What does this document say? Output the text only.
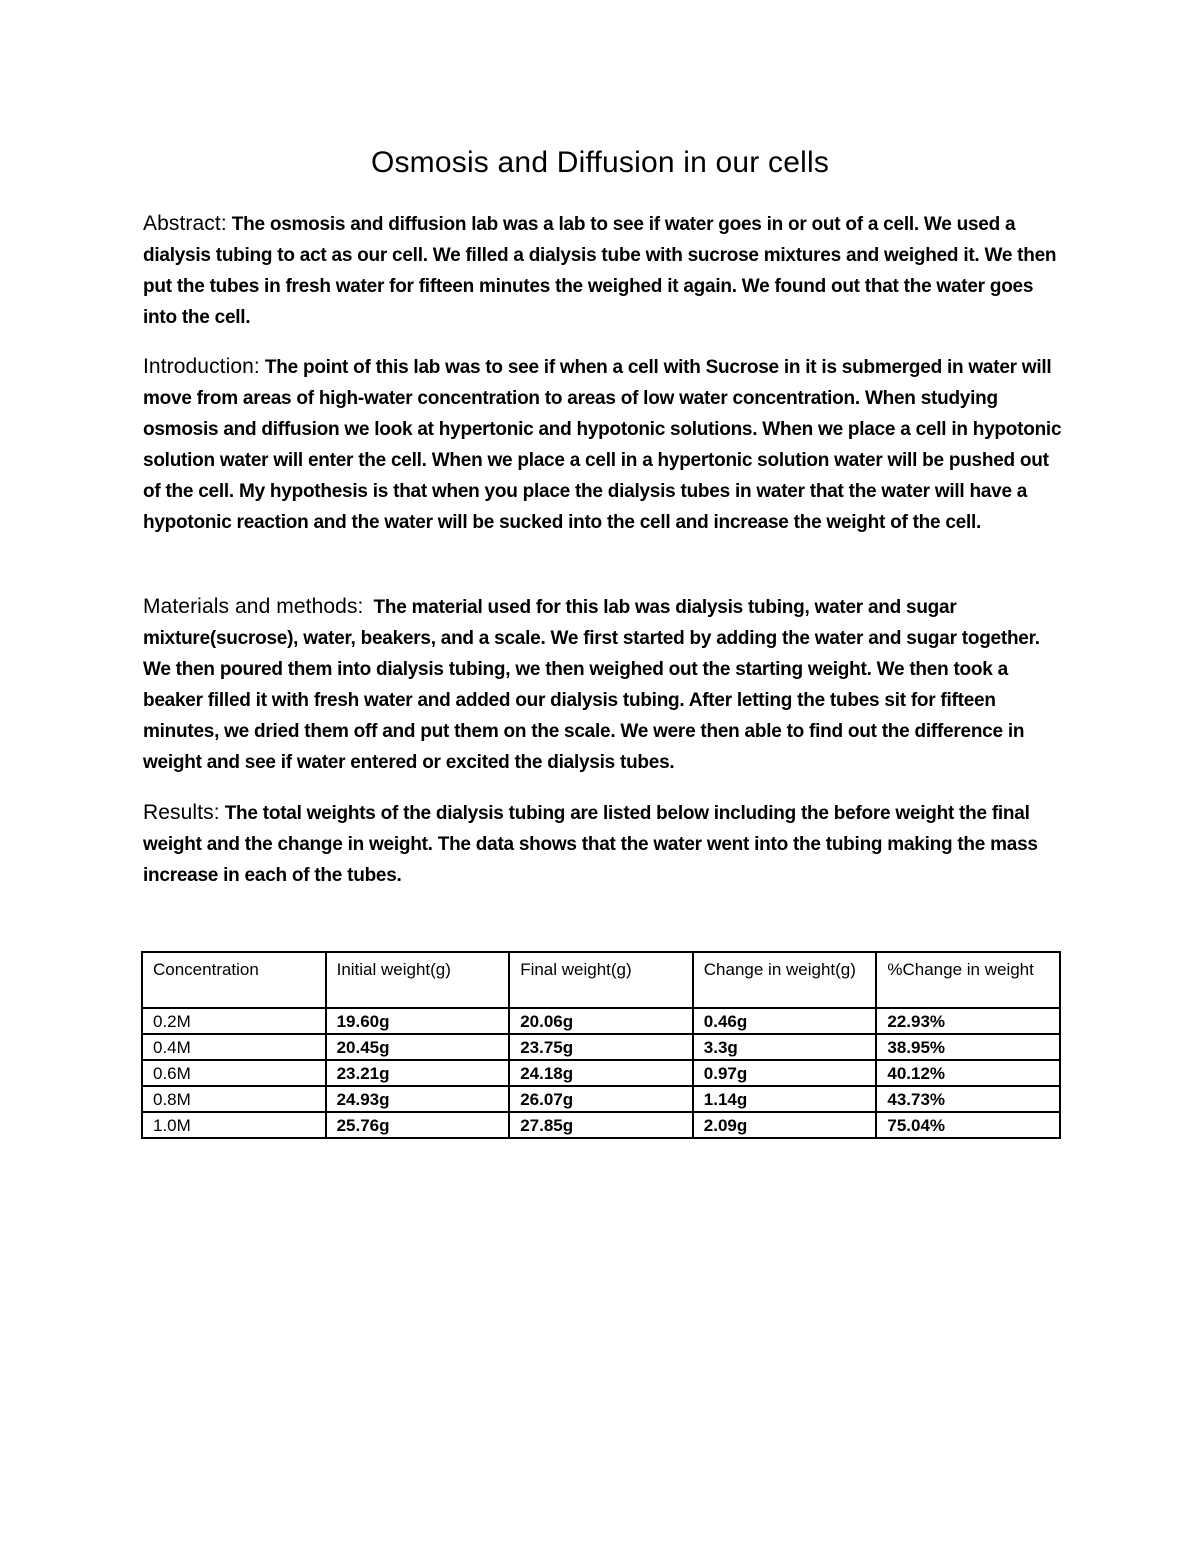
Osmosis and Diffusion in our cells
Abstract: The osmosis and diffusion lab was a lab to see if water goes in or out of a cell. We used a dialysis tubing to act as our cell. We filled a dialysis tube with sucrose mixtures and weighed it. We then put the tubes in fresh water for fifteen minutes the weighed it again. We found out that the water goes into the cell.
Introduction: The point of this lab was to see if when a cell with Sucrose in it is submerged in water will move from areas of high-water concentration to areas of low water concentration. When studying osmosis and diffusion we look at hypertonic and hypotonic solutions. When we place a cell in hypotonic solution water will enter the cell. When we place a cell in a hypertonic solution water will be pushed out of the cell. My hypothesis is that when you place the dialysis tubes in water that the water will have a hypotonic reaction and the water will be sucked into the cell and increase the weight of the cell.
Materials and methods: The material used for this lab was dialysis tubing, water and sugar mixture(sucrose), water, beakers, and a scale. We first started by adding the water and sugar together. We then poured them into dialysis tubing, we then weighed out the starting weight. We then took a beaker filled it with fresh water and added our dialysis tubing. After letting the tubes sit for fifteen minutes, we dried them off and put them on the scale. We were then able to find out the difference in weight and see if water entered or excited the dialysis tubes.
Results: The total weights of the dialysis tubing are listed below including the before weight the final weight and the change in weight. The data shows that the water went into the tubing making the mass increase in each of the tubes.
Concentration	Initial weight(g)	Final weight(g)	Change in weight(g)	%Change in weight
0.2M	19.60g	20.06g	0.46g	22.93%
0.4M	20.45g	23.75g	3.3g	38.95%
0.6M	23.21g	24.18g	0.97g	40.12%
0.8M	24.93g	26.07g	1.14g	43.73%
1.0M	25.76g	27.85g	2.09g	75.04%
